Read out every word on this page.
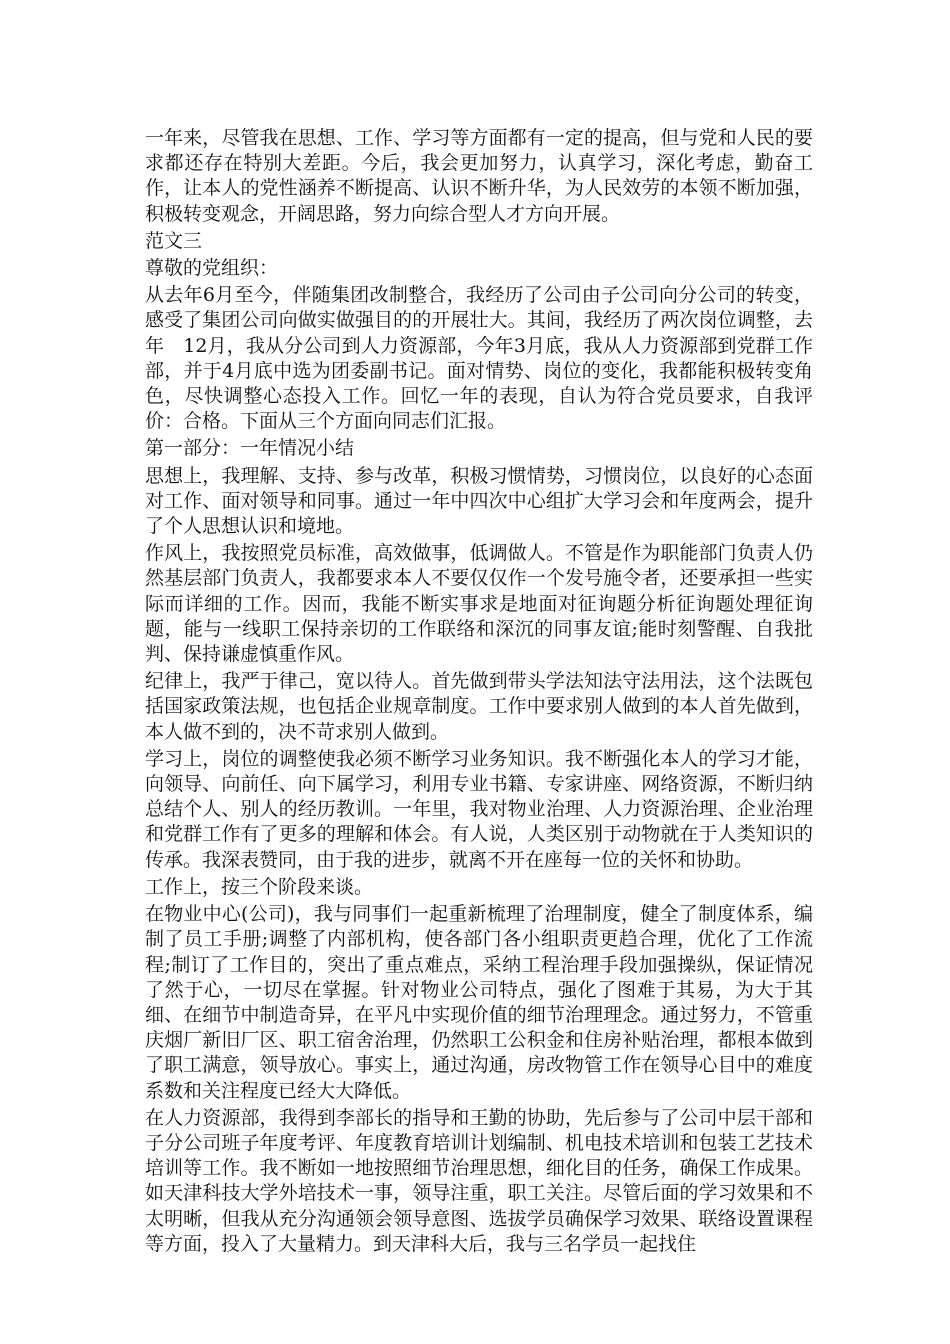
一年来，尽管我在思想、工作、学习等方面都有一定的提高，但与党和人民的要求都还存在特别大差距。今后，我会更加努力，认真学习，深化考虑，勤奋工作，让本人的党性涵养不断提高、认识不断升华，为人民效劳的本领不断加强，积极转变观念，开阔思路，努力向综合型人才方向开展。

范文三

尊敬的党组织：

从去年6月至今，伴随集团改制整合，我经历了公司由子公司向分公司的转变，感受了集团公司向做实做强目的的开展壮大。其间，我经历了两次岗位调整，去年　12月，我从分公司到人力资源部，今年3月底，我从人力资源部到党群工作部，并于4月底中选为团委副书记。面对情势、岗位的变化，我都能积极转变角色，尽快调整心态投入工作。回忆一年的表现，自认为符合党员要求，自我评价：合格。下面从三个方面向同志们汇报。

第一部分：一年情况小结

思想上，我理解、支持、参与改革，积极习惯情势，习惯岗位，以良好的心态面对工作、面对领导和同事。通过一年中四次中心组扩大学习会和年度两会，提升了个人思想认识和境地。

作风上，我按照党员标准，高效做事，低调做人。不管是作为职能部门负责人仍然基层部门负责人，我都要求本人不要仅仅作一个发号施令者，还要承担一些实际而详细的工作。因而，我能不断实事求是地面对征询题分析征询题处理征询题，能与一线职工保持亲切的工作联络和深沉的同事友谊;能时刻警醒、自我批判、保持谦虚慎重作风。

纪律上，我严于律己，宽以待人。首先做到带头学法知法守法用法，这个法既包括国家政策法规，也包括企业规章制度。工作中要求别人做到的本人首先做到，本人做不到的，决不苛求别人做到。

学习上，岗位的调整使我必须不断学习业务知识。我不断强化本人的学习才能，向领导、向前任、向下属学习，利用专业书籍、专家讲座、网络资源，不断归纳总结个人、别人的经历教训。一年里，我对物业治理、人力资源治理、企业治理和党群工作有了更多的理解和体会。有人说，人类区别于动物就在于人类知识的传承。我深表赞同，由于我的进步，就离不开在座每一位的关怀和协助。

工作上，按三个阶段来谈。

在物业中心(公司)，我与同事们一起重新梳理了治理制度，健全了制度体系，编制了员工手册;调整了内部机构，使各部门各小组职责更趋合理，优化了工作流程;制订了工作目的，突出了重点难点，采纳工程治理手段加强操纵，保证情况了然于心，一切尽在掌握。针对物业公司特点，强化了图难于其易，为大于其细、在细节中制造奇异，在平凡中实现价值的细节治理理念。通过努力，不管重庆烟厂新旧厂区、职工宿舍治理，仍然职工公积金和住房补贴治理，都根本做到了职工满意，领导放心。事实上，通过沟通，房改物管工作在领导心目中的难度系数和关注程度已经大大降低。

在人力资源部，我得到李部长的指导和王勤的协助，先后参与了公司中层干部和子分公司班子年度考评、年度教育培训计划编制、机电技术培训和包装工艺技术培训等工作。我不断如一地按照细节治理思想，细化目的任务，确保工作成果。如天津科技大学外培技术一事，领导注重，职工关注。尽管后面的学习效果和不太明晰，但我从充分沟通领会领导意图、选拔学员确保学习效果、联络设置课程等方面，投入了大量精力。到天津科大后，我与三名学员一起找住
